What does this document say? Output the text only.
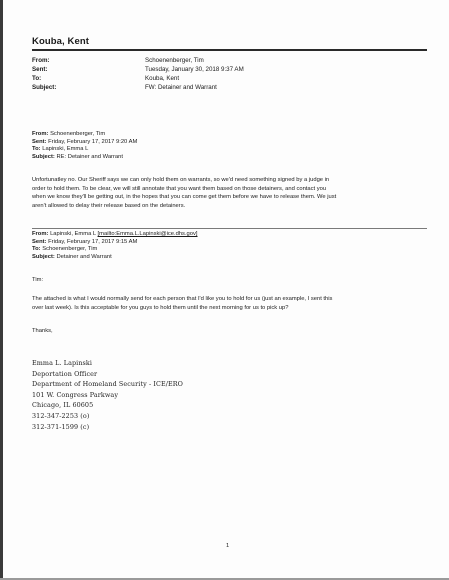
Kouba, Kent
From:	Schoenenberger, Tim
Sent:	Tuesday, January 30, 2018 9:37 AM
To:	Kouba, Kent
Subject:	FW: Detainer and Warrant
From: Schoenenberger, Tim
Sent: Friday, February 17, 2017 9:20 AM
To: Lapinski, Emma L
Subject: RE: Detainer and Warrant
Unfortunatley no. Our Sheriff says we can only hold them on warrants, so we'd need something signed by a judge in
order to hold them. To be clear, we will still annotate that you want them based on those detainers, and contact you
when we know they'll be getting out, in the hopes that you can come get them before we have to release them. We just
aren't allowed to delay their release based on the detainers.
From: Lapinski, Emma L [mailto:Emma.L.Lapinski@ice.dhs.gov]
Sent: Friday, February 17, 2017 9:15 AM
To: Schoenenberger, Tim
Subject: Detainer and Warrant
Tim:
The attached is what I would normally send for each person that I'd like you to hold for us (just an example, I sent this
over last week). Is this acceptable for you guys to hold them until the next morning for us to pick up?
Thanks,
Emma L. Lapinski
Deportation Officer
Department of Homeland Security - ICE/ERO
101 W. Congress Parkway
Chicago, IL 60605
312-347-2253 (o)
312-371-1599 (c)
1
